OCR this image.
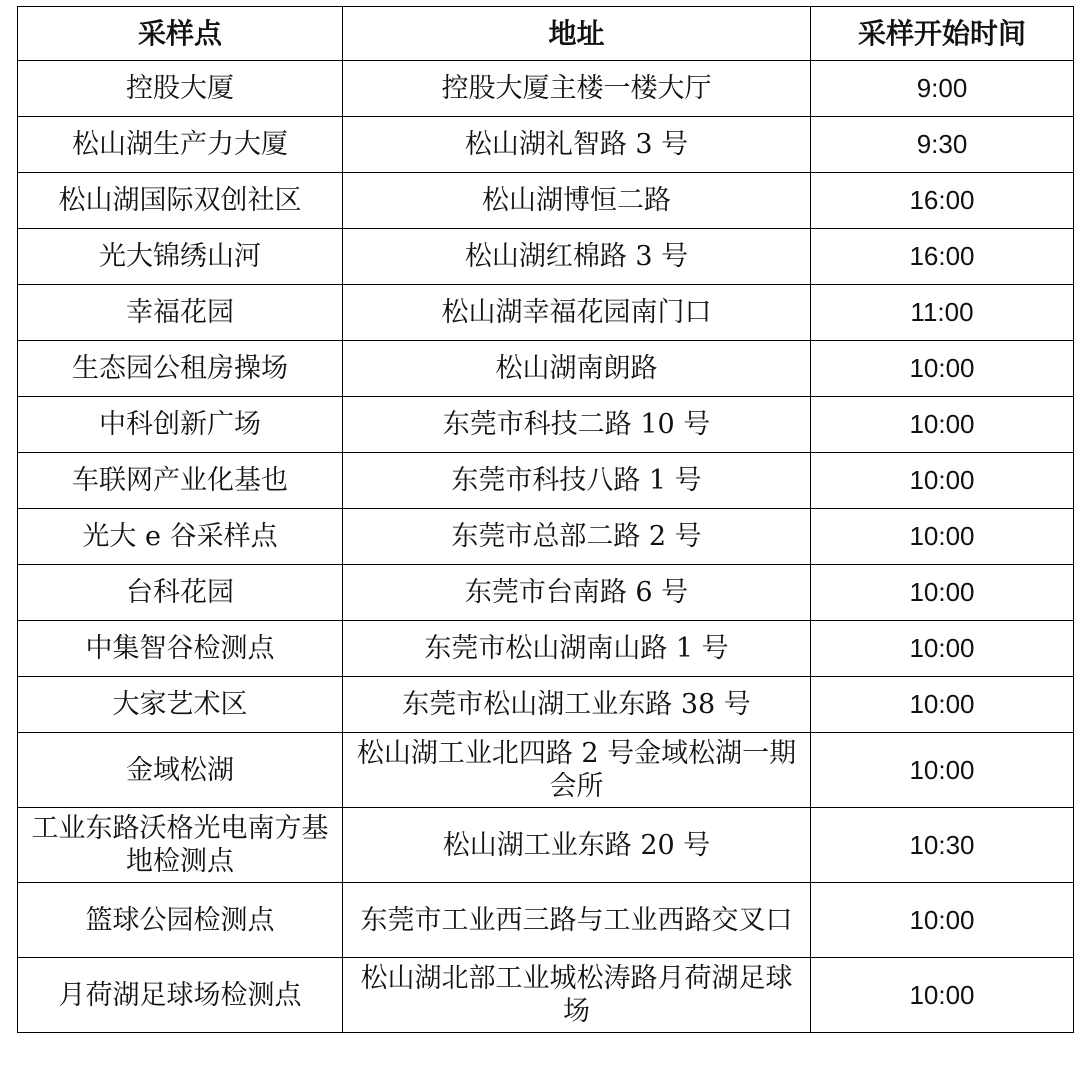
采样点	地址	采样开始时间
控股大厦	控股大厦主楼一楼大厅	9:00
松山湖生产力大厦	松山湖礼智路 3 号	9:30
松山湖国际双创社区	松山湖博恒二路	16:00
光大锦绣山河	松山湖红棉路 3 号	16:00
幸福花园	松山湖幸福花园南门口	11:00
生态园公租房操场	松山湖南朗路	10:00
中科创新广场	东莞市科技二路 10 号	10:00
车联网产业化基也	东莞市科技八路 1 号	10:00
光大 e 谷采样点	东莞市总部二路 2 号	10:00
台科花园	东莞市台南路 6 号	10:00
中集智谷检测点	东莞市松山湖南山路 1 号	10:00
大家艺术区	东莞市松山湖工业东路 38 号	10:00
金域松湖	松山湖工业北四路 2 号金域松湖一期会所	10:00
工业东路沃格光电南方基地检测点	松山湖工业东路 20 号	10:30
篮球公园检测点	东莞市工业西三路与工业西路交叉口	10:00
月荷湖足球场检测点	松山湖北部工业城松涛路月荷湖足球场	10:00
